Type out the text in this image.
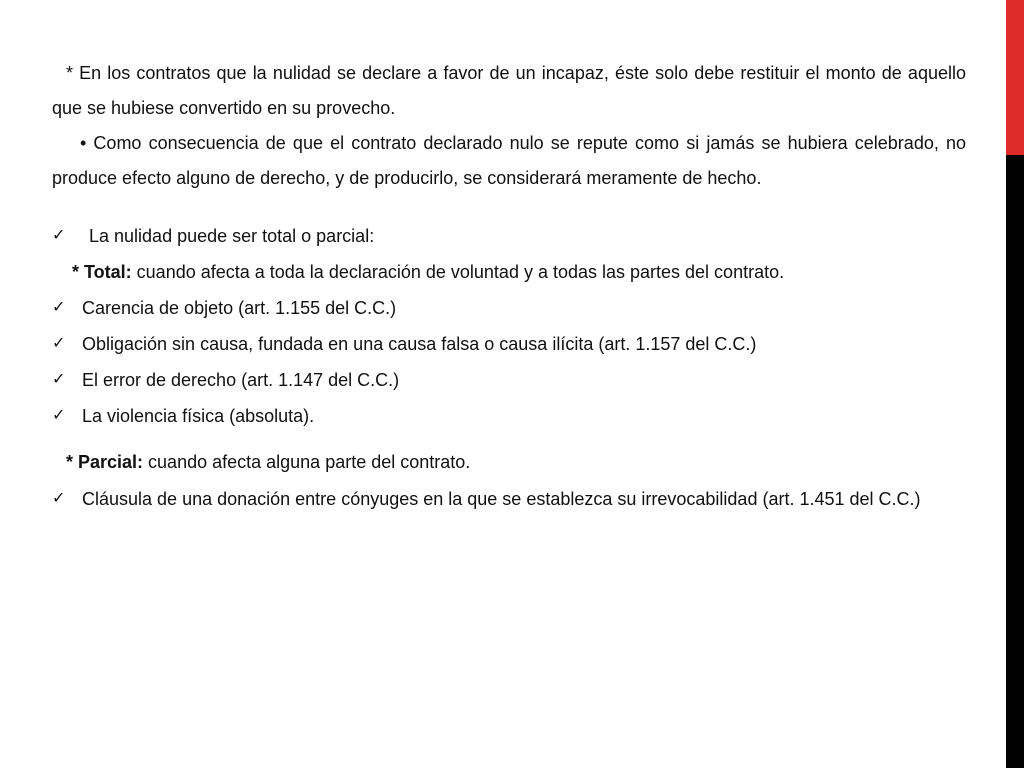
* En los contratos que la nulidad se declare a favor de un incapaz, éste solo debe restituir el monto de aquello que se hubiese convertido en su provecho.

• Como consecuencia de que el contrato declarado nulo se repute como si jamás se hubiera celebrado, no produce efecto alguno de derecho, y de producirlo, se considerará meramente de hecho.

✓	La nulidad puede ser total o parcial:

* Total: cuando afecta a toda la declaración de voluntad y a todas las partes del contrato.

✓ Carencia de objeto (art. 1.155 del C.C.)

✓ Obligación sin causa, fundada en una causa falsa o causa ilícita (art. 1.157 del C.C.)

✓ El error de derecho (art. 1.147 del C.C.)

✓ La violencia física (absoluta).

* Parcial: cuando afecta alguna parte del contrato.

✓ Cláusula de una donación entre cónyuges en la que se establezca su irrevocabilidad (art. 1.451 del C.C.)
